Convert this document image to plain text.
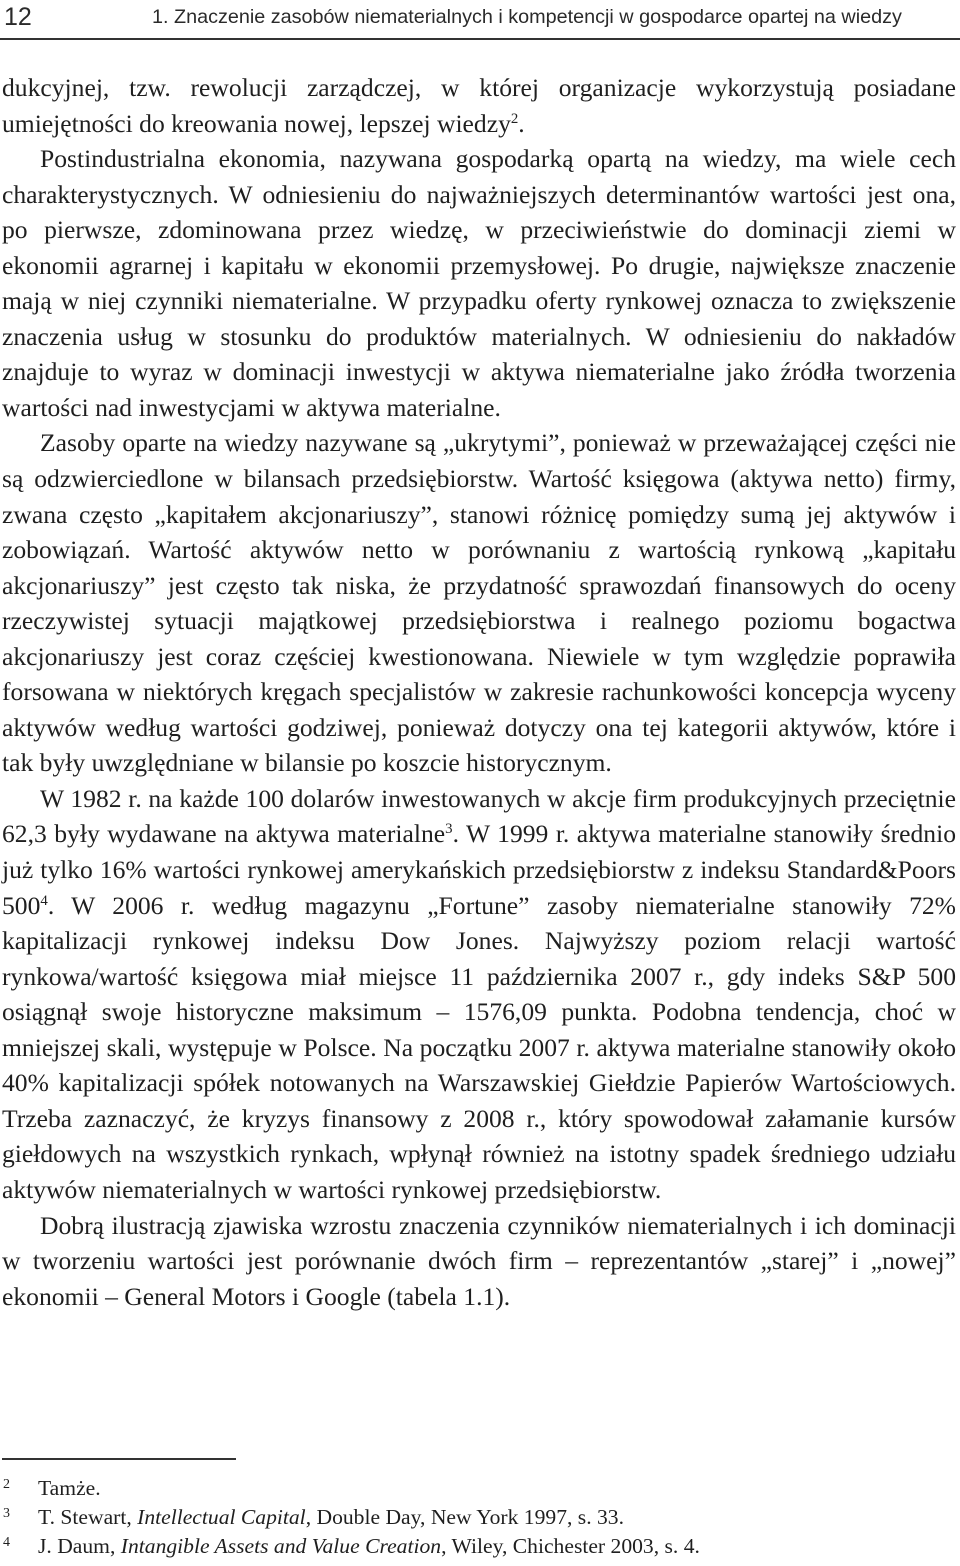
12	1. Znaczenie zasobów niematerialnych i kompetencji w gospodarce opartej na wiedzy

dukcyjnej, tzw. rewolucji zarządczej, w której organizacje wykorzystują posiadane umiejętności do kreowania nowej, lepszej wiedzy$^2$.

Postindustrialna ekonomia, nazywana gospodarką opartą na wiedzy, ma wiele cech charakterystycznych. W odniesieniu do najważniejszych determinantów wartości jest ona, po pierwsze, zdominowana przez wiedzę, w przeciwieństwie do dominacji ziemi w ekonomii agrarnej i kapitału w ekonomii przemysłowej. Po drugie, największe znaczenie mają w niej czynniki niematerialne. W przypadku oferty rynkowej oznacza to zwiększenie znaczenia usług w stosunku do produktów materialnych. W odniesieniu do nakładów znajduje to wyraz w dominacji inwestycji w aktywa niematerialne jako źródła tworzenia wartości nad inwestycjami w aktywa materialne.

Zasoby oparte na wiedzy nazywane są „ukrytymi”, ponieważ w przeważającej części nie są odzwierciedlone w bilansach przedsiębiorstw. Wartość księgowa (aktywa netto) firmy, zwana często „kapitałem akcjonariuszy”, stanowi różnicę pomiędzy sumą jej aktywów i zobowiązań. Wartość aktywów netto w porównaniu z wartością rynkową „kapitału akcjonariuszy” jest często tak niska, że przydatność sprawozdań finansowych do oceny rzeczywistej sytuacji majątkowej przedsiębiorstwa i realnego poziomu bogactwa akcjonariuszy jest coraz częściej kwestionowana. Niewiele w tym względzie poprawiła forsowana w niektórych kręgach specjalistów w zakresie rachunkowości koncepcja wyceny aktywów według wartości godziwej, ponieważ dotyczy ona tej kategorii aktywów, które i tak były uwzględniane w bilansie po koszcie historycznym.

W 1982 r. na każde 100 dolarów inwestowanych w akcje firm produkcyjnych przeciętnie 62,3 były wydawane na aktywa materialne$^3$. W 1999 r. aktywa materialne stanowiły średnio już tylko 16% wartości rynkowej amerykańskich przedsiębiorstw z indeksu Standard&Poors $500^4$. W 2006 r. według magazynu „Fortune” zasoby niematerialne stanowiły 72% kapitalizacji rynkowej indeksu Dow Jones. Najwyższy poziom relacji wartość rynkowa/wartość księgowa miał miejsce 11 października 2007 r., gdy indeks S&P 500 osiągnął swoje historyczne maksimum – 1576,09 punkta. Podobna tendencja, choć w mniejszej skali, występuje w Polsce. Na początku 2007 r. aktywa materialne stanowiły około 40% kapitalizacji spółek notowanych na Warszawskiej Giełdzie Papierów Wartościowych. Trzeba zaznaczyć, że kryzys finansowy z 2008 r., który spowodował załamanie kursów giełdowych na wszystkich rynkach, wpłynął również na istotny spadek średniego udziału aktywów niematerialnych w wartości rynkowej przedsiębiorstw.

Dobrą ilustracją zjawiska wzrostu znaczenia czynników niematerialnych i ich dominacji w tworzeniu wartości jest porównanie dwóch firm – reprezentantów „starej” i „nowej” ekonomii – General Motors i Google (tabela 1.1).

2 Tamże.
3 T. Stewart, Intellectual Capital, Double Day, New York 1997, s. 33.
4 J. Daum, Intangible Assets and Value Creation, Wiley, Chichester 2003, s. 4.
